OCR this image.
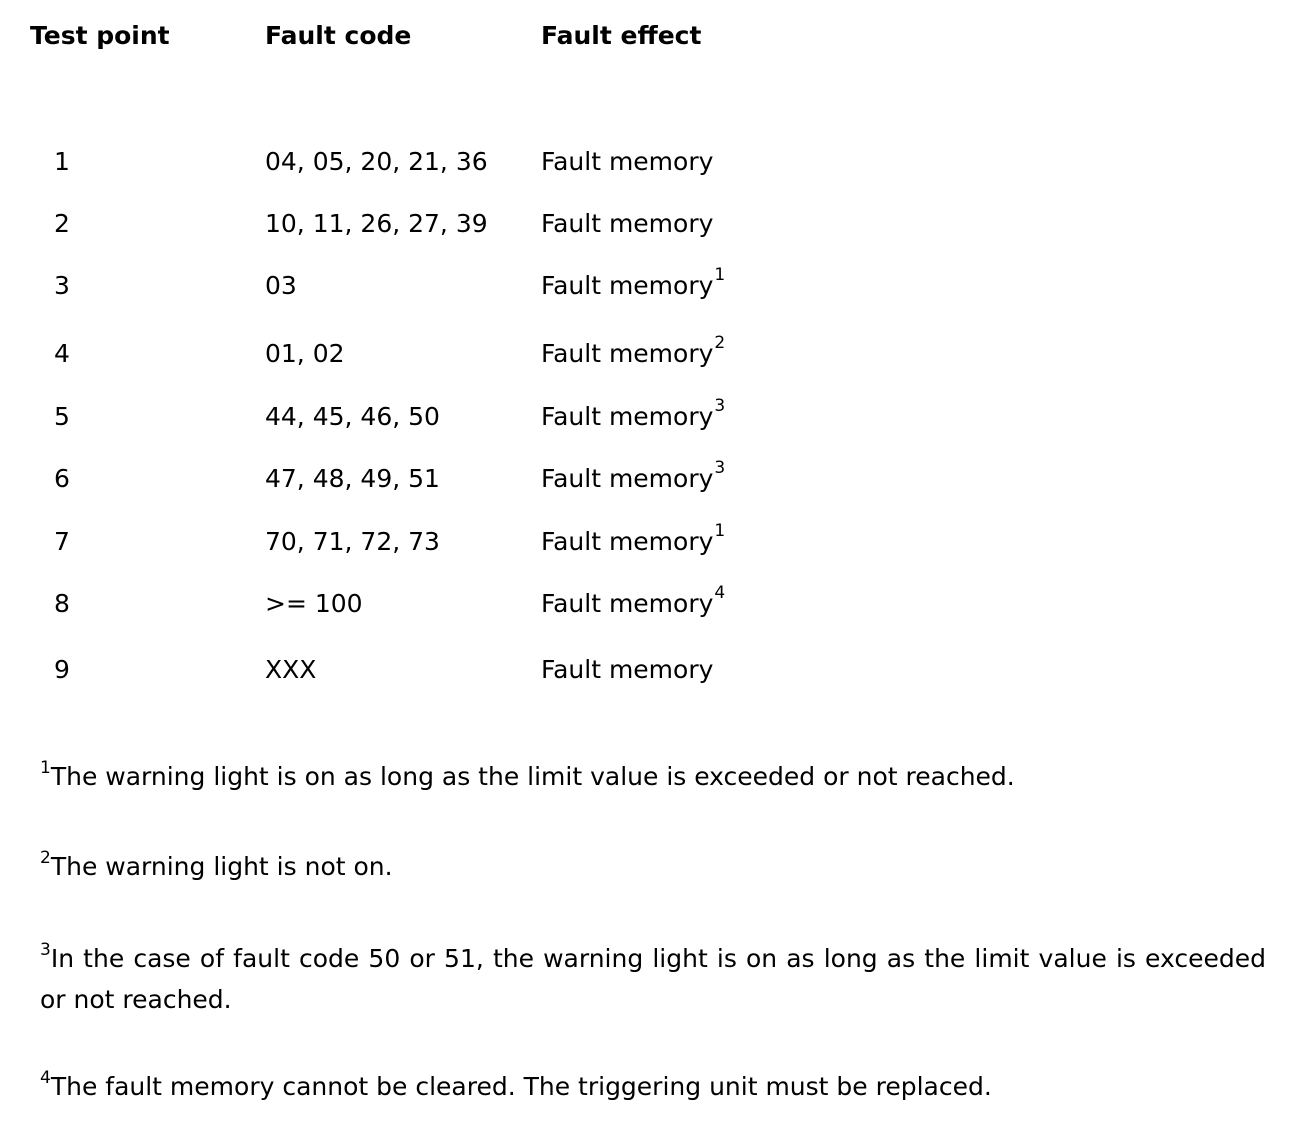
Test point	Fault code	Fault effect
1	04, 05, 20, 21, 36 Fault memory
2	10, 11, 26, 27, 39 Fault memory
3	03	Fault memory$^1$
4	01, 02	Fault memory$^2$
5	44, 45, 46, 50	Fault memory$^3$
6	47, 48, 49, 51	Fault memory$^3$
7	70, 71, 72, 73	Fault memory$^1$
8	>= 100	Fault memory$^4$
9	XXX	Fault memory
$^1$The warning light is on as long as the limit value is exceeded or not reached.
$^2$The warning light is not on.
$^3$In the case of fault code 50 or 51, the warning light is on as long as the limit value is exceeded or not reached.
$^4$The fault memory cannot be cleared. The triggering unit must be replaced.
